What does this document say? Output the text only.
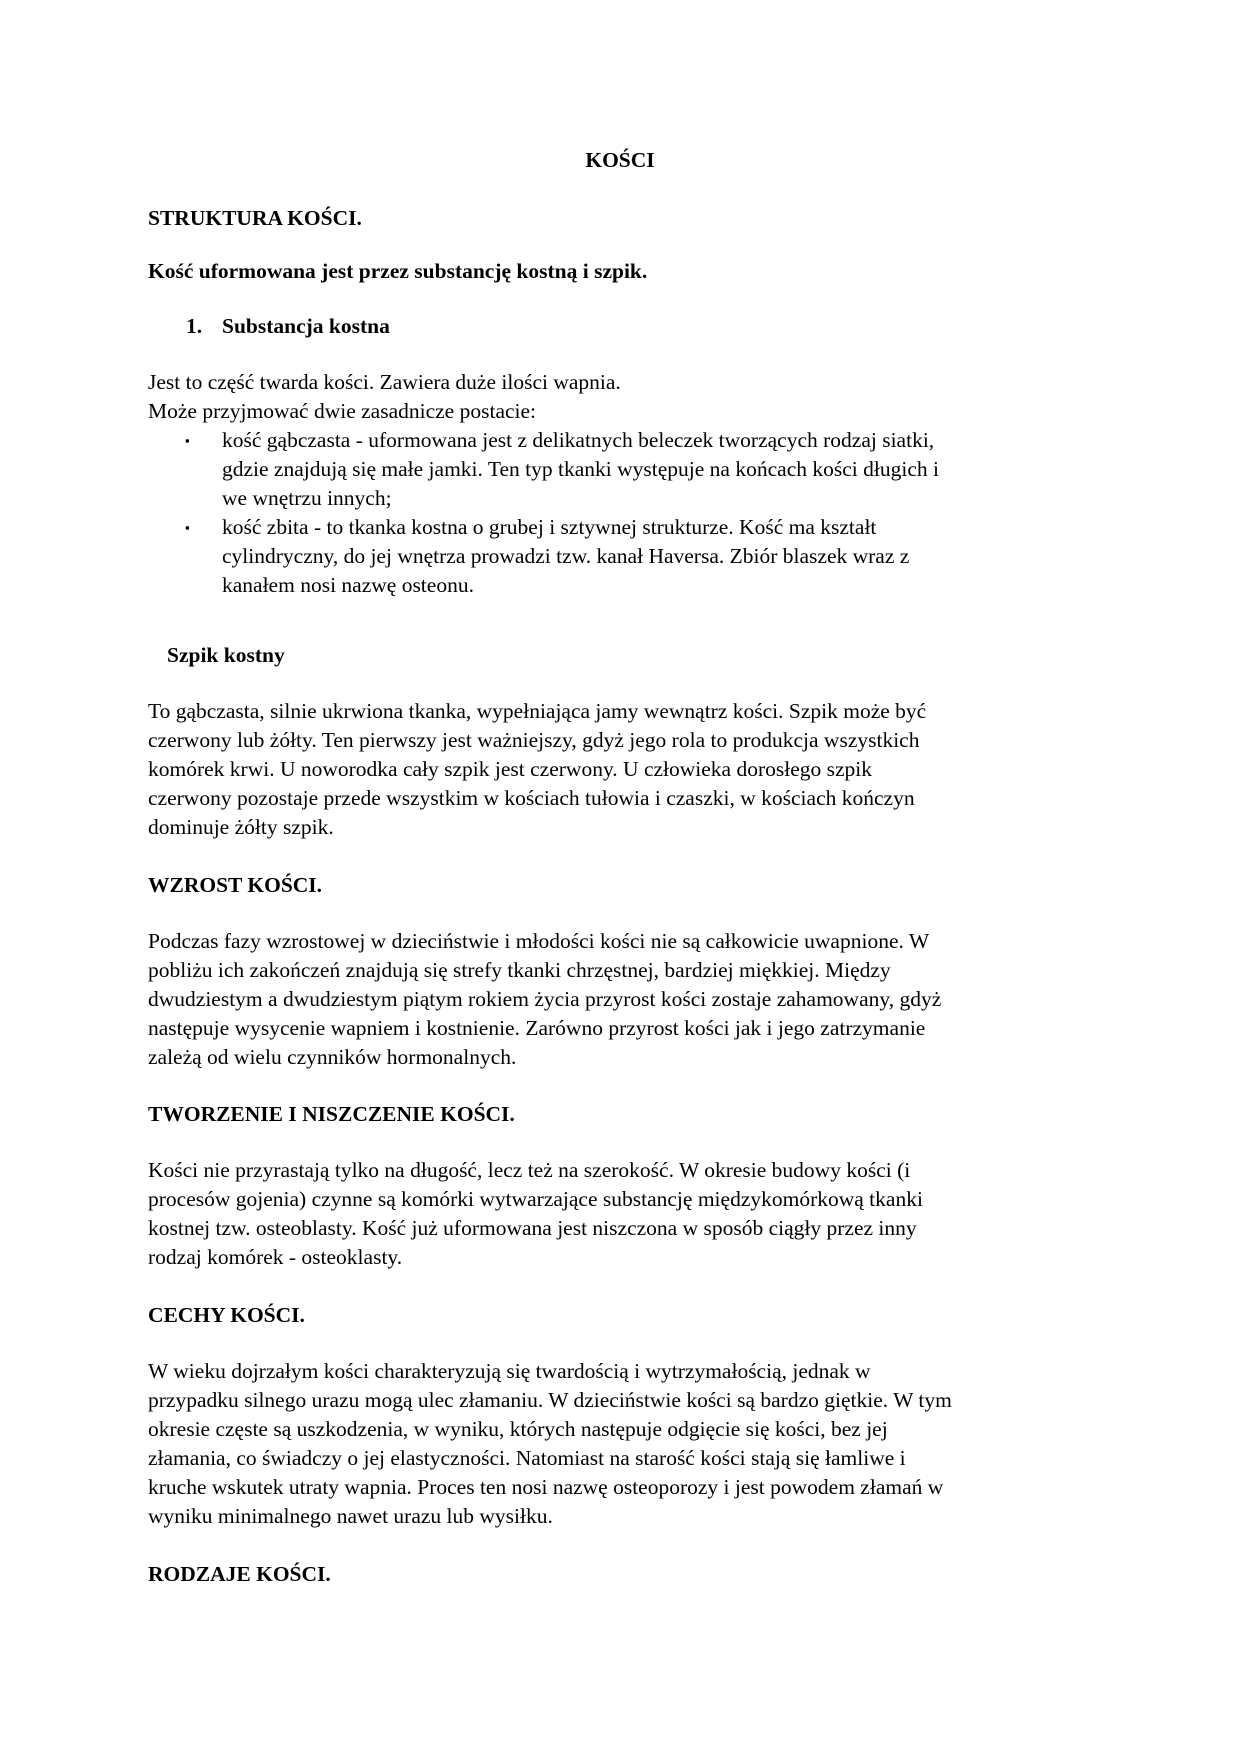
KOŚCI
STRUKTURA KOŚCI.
Kość uformowana jest przez substancję kostną i szpik.
1. Substancja kostna
Jest to część twarda kości. Zawiera duże ilości wapnia.
Może przyjmować dwie zasadnicze postacie:
▪ kość gąbczasta - uformowana jest z delikatnych beleczek tworzących rodzaj siatki,
gdzie znajdują się małe jamki. Ten typ tkanki występuje na końcach kości długich i
we wnętrzu innych;
▪ kość zbita - to tkanka kostna o grubej i sztywnej strukturze. Kość ma kształt
cylindryczny, do jej wnętrza prowadzi tzw. kanał Haversa. Zbiór blaszek wraz z
kanałem nosi nazwę osteonu.
Szpik kostny
To gąbczasta, silnie ukrwiona tkanka, wypełniająca jamy wewnątrz kości. Szpik może być
czerwony lub żółty. Ten pierwszy jest ważniejszy, gdyż jego rola to produkcja wszystkich
komórek krwi. U noworodka cały szpik jest czerwony. U człowieka dorosłego szpik
czerwony pozostaje przede wszystkim w kościach tułowia i czaszki, w kościach kończyn
dominuje żółty szpik.
WZROST KOŚCI.
Podczas fazy wzrostowej w dzieciństwie i młodości kości nie są całkowicie uwapnione. W
pobliżu ich zakończeń znajdują się strefy tkanki chrzęstnej, bardziej miękkiej. Między
dwudziestym a dwudziestym piątym rokiem życia przyrost kości zostaje zahamowany, gdyż
następuje wysycenie wapniem i kostnienie. Zarówno przyrost kości jak i jego zatrzymanie
zależą od wielu czynników hormonalnych.
TWORZENIE I NISZCZENIE KOŚCI.
Kości nie przyrastają tylko na długość, lecz też na szerokość. W okresie budowy kości (i
procesów gojenia) czynne są komórki wytwarzające substancję międzykomórkową tkanki
kostnej tzw. osteoblasty. Kość już uformowana jest niszczona w sposób ciągły przez inny
rodzaj komórek - osteoklasty.
CECHY KOŚCI.
W wieku dojrzałym kości charakteryzują się twardością i wytrzymałością, jednak w
przypadku silnego urazu mogą ulec złamaniu. W dzieciństwie kości są bardzo giętkie. W tym
okresie częste są uszkodzenia, w wyniku, których następuje odgięcie się kości, bez jej
złamania, co świadczy o jej elastyczności. Natomiast na starość kości stają się łamliwe i
kruche wskutek utraty wapnia. Proces ten nosi nazwę osteoporozy i jest powodem złamań w
wyniku minimalnego nawet urazu lub wysiłku.
RODZAJE KOŚCI.
